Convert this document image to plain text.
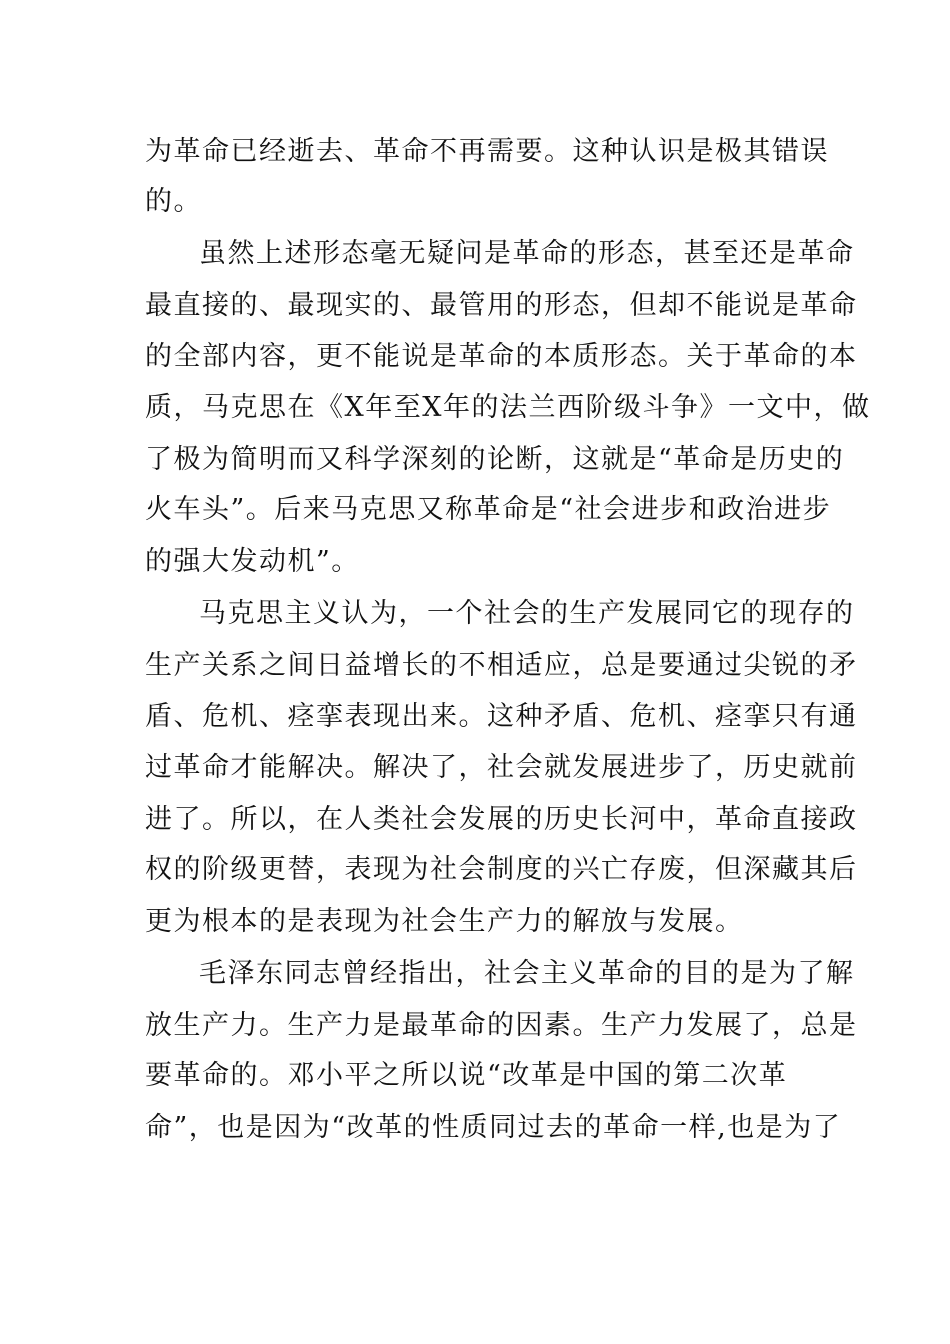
为革命已经逝去、革命不再需要。这种认识是极其错误
的。
虽然上述形态毫无疑问是革命的形态，甚至还是革命
最直接的、最现实的、最管用的形态，但却不能说是革命
的全部内容，更不能说是革命的本质形态。关于革命的本
质，马克思在《X年至X年的法兰西阶级斗争》一文中，做
了极为简明而又科学深刻的论断，这就是“革命是历史的
火车头”。后来马克思又称革命是“社会进步和政治进步
的强大发动机”。
马克思主义认为，一个社会的生产发展同它的现存的
生产关系之间日益增长的不相适应，总是要通过尖锐的矛
盾、危机、痉挛表现出来。这种矛盾、危机、痉挛只有通
过革命才能解决。解决了，社会就发展进步了，历史就前
进了。所以，在人类社会发展的历史长河中，革命直接政
权的阶级更替，表现为社会制度的兴亡存废，但深藏其后
更为根本的是表现为社会生产力的解放与发展。
毛泽东同志曾经指出，社会主义革命的目的是为了解
放生产力。生产力是最革命的因素。生产力发展了，总是
要革命的。邓小平之所以说“改革是中国的第二次革
命”，也是因为“改革的性质同过去的革命一样,也是为了
